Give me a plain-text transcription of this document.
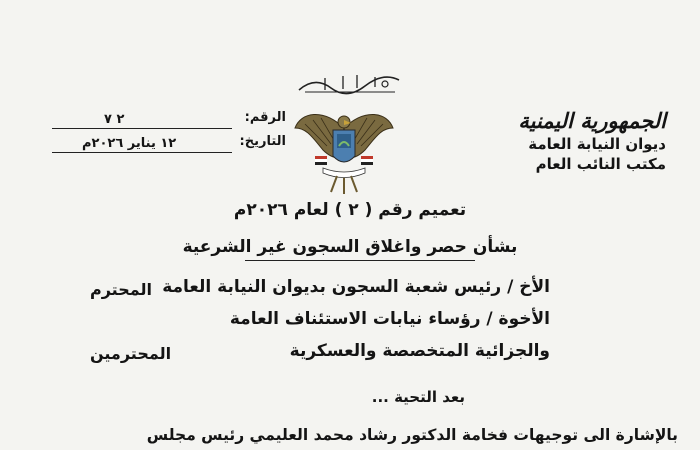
الجمهورية اليمنية
ديوان النيابة العامة
مكتب النائب العام
الرقم:
٢ ٧
التاريخ:
١٢ يناير ٢٠٢٦م
تعميم رقم ( ٢ ) لعام ٢٠٢٦م
بشأن حصر واغلاق السجون غير الشرعية
الأخ / رئيس شعبة السجون بديوان النيابة العامة
المحترم
الأخوة / رؤساء نيابات الاستئناف العامة
والجزائية المتخصصة والعسكرية
المحترمين
بعد التحية ...
بالإشارة الى توجيهات فخامة الدكتور رشاد محمد العليمي رئيس مجلس
